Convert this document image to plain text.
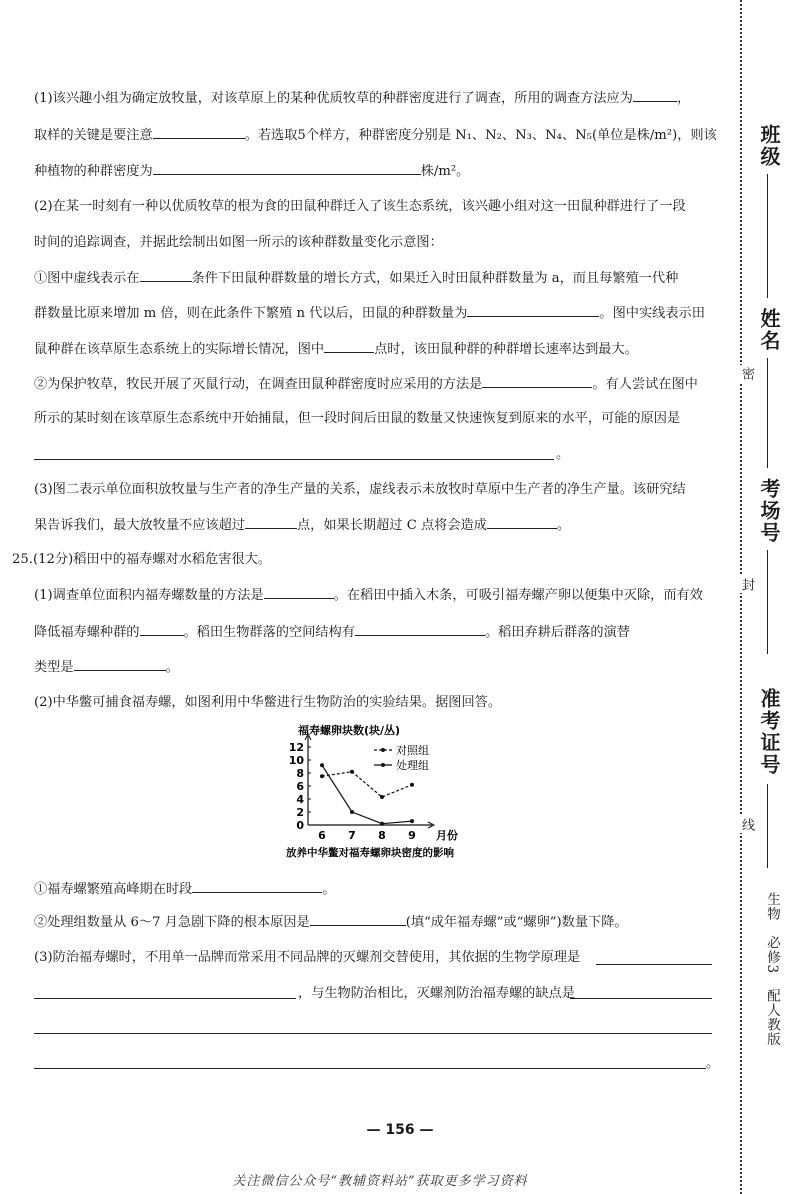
(1)该兴趣小组为确定放牧量，对该草原上的某种优质牧草的种群密度进行了调查，所用的调查方法应为	，
取样的关键是要注意	。若选取5个样方，种群密度分别是 N₁、N₂、N₃、N₄、N₅(单位是株/m²)，则该
种植物的种群密度为	株/m²。
(2)在某一时刻有一种以优质牧草的根为食的田鼠种群迁入了该生态系统，该兴趣小组对这一田鼠种群进行了一段
时间的追踪调查，并据此绘制出如图一所示的该种群数量变化示意图：
①图中虚线表示在	条件下田鼠种群数量的增长方式，如果迁入时田鼠种群数量为 a，而且每繁殖一代种
群数量比原来增加 m 倍，则在此条件下繁殖 n 代以后，田鼠的种群数量为	。图中实线表示田
鼠种群在该草原生态系统上的实际增长情况，图中	点时，该田鼠种群的种群增长速率达到最大。
②为保护牧草，牧民开展了灭鼠行动，在调查田鼠种群密度时应采用的方法是	。有人尝试在图中
所示的某时刻在该草原生态系统中开始捕鼠，但一段时间后田鼠的数量又快速恢复到原来的水平，可能的原因是
。
(3)图二表示单位面积放牧量与生产者的净生产量的关系，虚线表示未放牧时草原中生产者的净生产量。该研究结
果告诉我们，最大放牧量不应该超过	点，如果长期超过 C 点将会造成	。
25.(12分)稻田中的福寿螺对水稻危害很大。
(1)调查单位面积内福寿螺数量的方法是	。在稻田中插入木条，可吸引福寿螺产卵以便集中灭除，而有效
降低福寿螺种群的	。稻田生物群落的空间结构有	。稻田弃耕后群落的演替
类型是	。
(2)中华鳖可捕食福寿螺，如图利用中华鳖进行生物防治的实验结果。据图回答。
0
2
4
6
8
10
12
6 7 8 9 月份
福寿螺卵块数(块/丛)
放养中华鳖对福寿螺卵块密度的影响
对照组
处理组
①福寿螺繁殖高峰期在时段	。
②处理组数量从 6～7 月急剧下降的根本原因是	(填“成年福寿螺”或“螺卵”)数量下降。
(3)防治福寿螺时，不用单一品牌而常采用不同品牌的灭螺剂交替使用，其依据的生物学原理是
，与生物防治相比，灭螺剂防治福寿螺的缺点是
。
密
封
线
班级
姓名
考场号
准考证号
生物　必修3　配人教版
— 156 —
关注微信公众号“教辅资料站”获取更多学习资料
